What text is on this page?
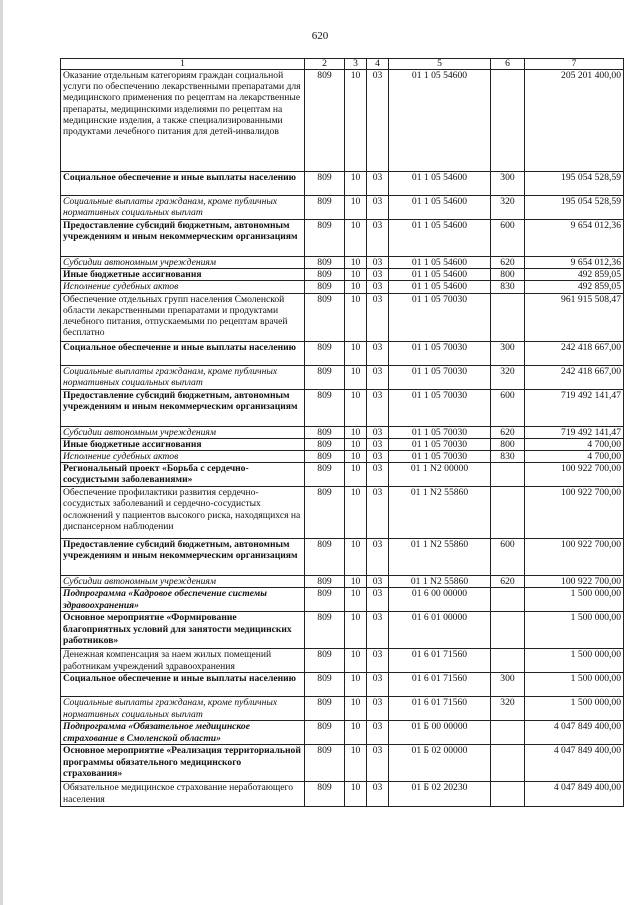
620
1	2	3	4	5	6	7
Оказание отдельным категориям граждан социальной услуги по обеспечению лекарственными препаратами для медицинского применения по рецептам на лекарственные препараты, медицинскими изделиями по рецептам на медицинские изделия, а также специализированными продуктами лечебного питания для детей-инвалидов	809	10	03	01 1 05 54600		205 201 400,00
Социальное обеспечение и иные выплаты населению	809	10	03	01 1 05 54600	300	195 054 528,59
Социальные выплаты гражданам, кроме публичных нормативных социальных выплат	809	10	03	01 1 05 54600	320	195 054 528,59
Предоставление субсидий бюджетным, автономным учреждениям и иным некоммерческим организациям	809	10	03	01 1 05 54600	600	9 654 012,36
Субсидии автономным учреждениям	809	10	03	01 1 05 54600	620	9 654 012,36
Иные бюджетные ассигнования	809	10	03	01 1 05 54600	800	492 859,05
Исполнение судебных актов	809	10	03	01 1 05 54600	830	492 859,05
Обеспечение отдельных групп населения Смоленской области лекарственными препаратами и продуктами лечебного питания, отпускаемыми по рецептам врачей бесплатно	809	10	03	01 1 05 70030		961 915 508,47
Социальное обеспечение и иные выплаты населению	809	10	03	01 1 05 70030	300	242 418 667,00
Социальные выплаты гражданам, кроме публичных нормативных социальных выплат	809	10	03	01 1 05 70030	320	242 418 667,00
Предоставление субсидий бюджетным, автономным учреждениям и иным некоммерческим организациям	809	10	03	01 1 05 70030	600	719 492 141,47
Субсидии автономным учреждениям	809	10	03	01 1 05 70030	620	719 492 141,47
Иные бюджетные ассигнования	809	10	03	01 1 05 70030	800	4 700,00
Исполнение судебных актов	809	10	03	01 1 05 70030	830	4 700,00
Региональный проект «Борьба с сердечно-сосудистыми заболеваниями»	809	10	03	01 1 N2 00000		100 922 700,00
Обеспечение профилактики развития сердечно-сосудистых заболеваний и сердечно-сосудистых осложнений у пациентов высокого риска, находящихся на диспансерном наблюдении	809	10	03	01 1 N2 55860		100 922 700,00
Предоставление субсидий бюджетным, автономным учреждениям и иным некоммерческим организациям	809	10	03	01 1 N2 55860	600	100 922 700,00
Субсидии автономным учреждениям	809	10	03	01 1 N2 55860	620	100 922 700,00
Подпрограмма «Кадровое обеспечение системы здравоохранения»	809	10	03	01 6 00 00000		1 500 000,00
Основное мероприятие «Формирование благоприятных условий для занятости медицинских работников»	809	10	03	01 6 01 00000		1 500 000,00
Денежная компенсация за наем жилых помещений работникам учреждений здравоохранения	809	10	03	01 6 01 71560		1 500 000,00
Социальное обеспечение и иные выплаты населению	809	10	03	01 6 01 71560	300	1 500 000,00
Социальные выплаты гражданам, кроме публичных нормативных социальных выплат	809	10	03	01 6 01 71560	320	1 500 000,00
Подпрограмма «Обязательное медицинское страхование в Смоленской области»	809	10	03	01 Б 00 00000		4 047 849 400,00
Основное мероприятие «Реализация территориальной программы обязательного медицинского страхования»	809	10	03	01 Б 02 00000		4 047 849 400,00
Обязательное медицинское страхование неработающего населения	809	10	03	01 Б 02 20230		4 047 849 400,00
